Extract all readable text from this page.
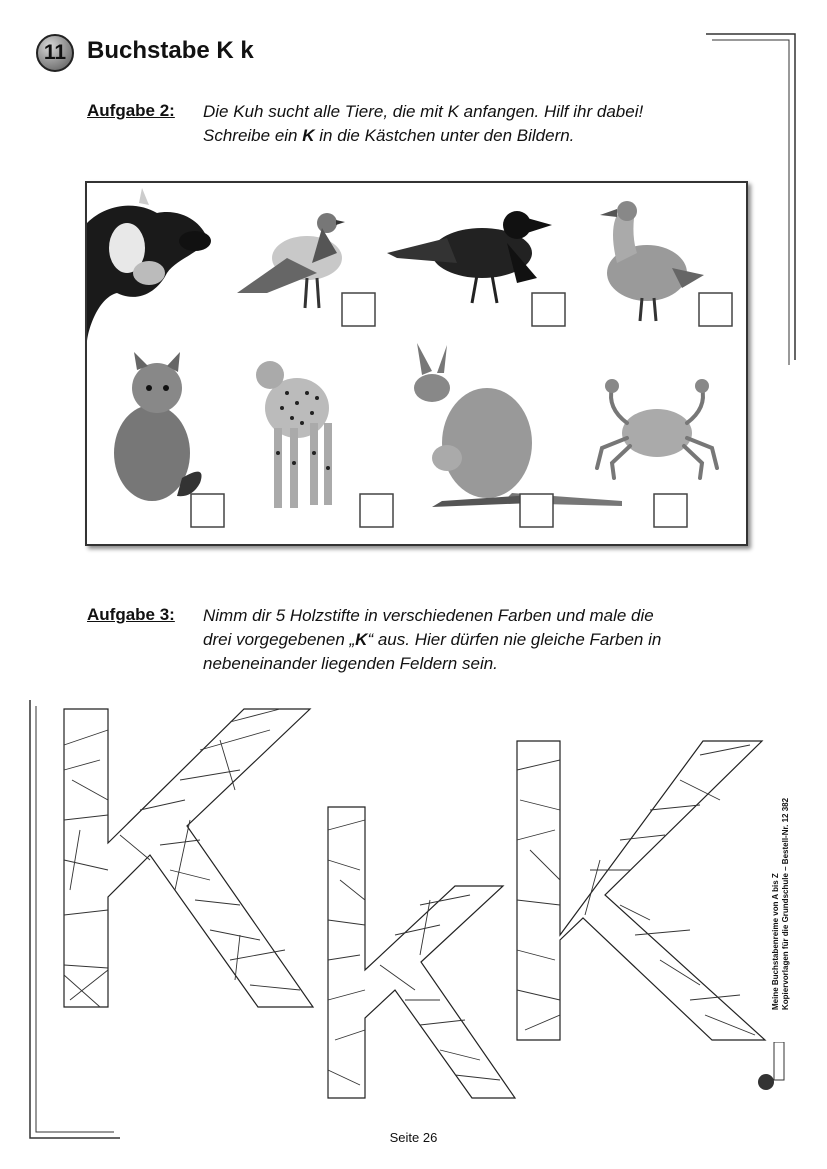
11 Buchstabe K k
Aufgabe 2: Die Kuh sucht alle Tiere, die mit K anfangen. Hilf ihr dabei!
Schreibe ein K in die Kästchen unter den Bildern.
Aufgabe 3: Nimm dir 5 Holzstifte in verschiedenen Farben und male die
drei vorgegebenen „K“ aus. Hier dürfen nie gleiche Farben in
nebeneinander liegenden Feldern sein.
Meine Buchstabenreime von A bis Z Kopiervorlagen für die Grundschule – Bestell-Nr. 12 382
Seite 26
